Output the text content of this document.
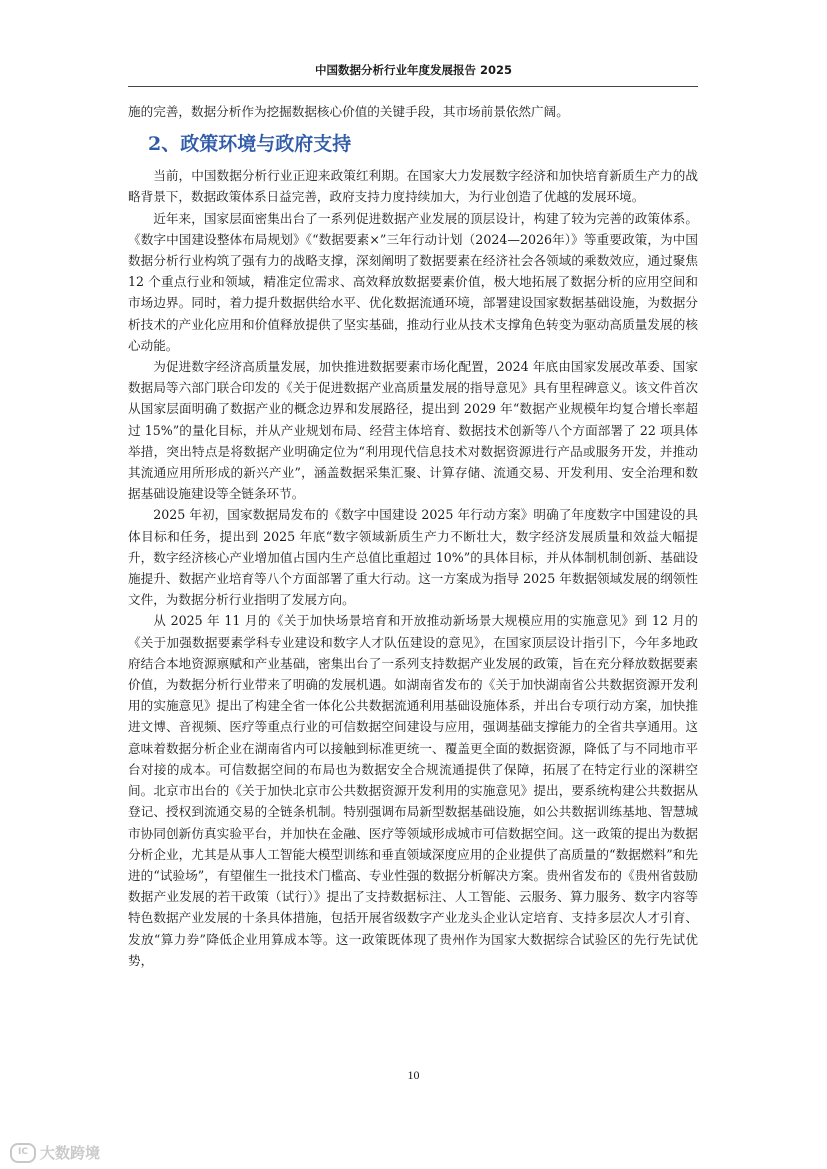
中国数据分析行业年度发展报告 2025

施的完善，数据分析作为挖掘数据核心价值的关键手段，其市场前景依然广阔。

2、政策环境与政府支持

当前，中国数据分析行业正迎来政策红利期。在国家大力发展数字经济和加快培育新质生产力的战略背景下，数据政策体系日益完善，政府支持力度持续加大，为行业创造了优越的发展环境。

近年来，国家层面密集出台了一系列促进数据产业发展的顶层设计，构建了较为完善的政策体系。《数字中国建设整体布局规划》《“数据要素×”三年行动计划（2024—2026年）》等重要政策，为中国数据分析行业构筑了强有力的战略支撑，深刻阐明了数据要素在经济社会各领域的乘数效应，通过聚焦 12 个重点行业和领域，精准定位需求、高效释放数据要素价值，极大地拓展了数据分析的应用空间和市场边界。同时，着力提升数据供给水平、优化数据流通环境，部署建设国家数据基础设施，为数据分析技术的产业化应用和价值释放提供了坚实基础，推动行业从技术支撑角色转变为驱动高质量发展的核心动能。

为促进数字经济高质量发展，加快推进数据要素市场化配置，2024 年底由国家发展改革委、国家数据局等六部门联合印发的《关于促进数据产业高质量发展的指导意见》具有里程碑意义。该文件首次从国家层面明确了数据产业的概念边界和发展路径，提出到 2029 年“数据产业规模年均复合增长率超过 15%”的量化目标，并从产业规划布局、经营主体培育、数据技术创新等八个方面部署了 22 项具体举措，突出特点是将数据产业明确定位为“利用现代信息技术对数据资源进行产品或服务开发，并推动其流通应用所形成的新兴产业”，涵盖数据采集汇聚、计算存储、流通交易、开发利用、安全治理和数据基础设施建设等全链条环节。

2025 年初，国家数据局发布的《数字中国建设 2025 年行动方案》明确了年度数字中国建设的具体目标和任务，提出到 2025 年底“数字领域新质生产力不断壮大，数字经济发展质量和效益大幅提升，数字经济核心产业增加值占国内生产总值比重超过 10%”的具体目标，并从体制机制创新、基础设施提升、数据产业培育等八个方面部署了重大行动。这一方案成为指导 2025 年数据领域发展的纲领性文件，为数据分析行业指明了发展方向。

从 2025 年 11 月的《关于加快场景培育和开放推动新场景大规模应用的实施意见》到 12 月的《关于加强数据要素学科专业建设和数字人才队伍建设的意见》，在国家顶层设计指引下，今年多地政府结合本地资源禀赋和产业基础，密集出台了一系列支持数据产业发展的政策，旨在充分释放数据要素价值，为数据分析行业带来了明确的发展机遇。如湖南省发布的《关于加快湖南省公共数据资源开发利用的实施意见》提出了构建全省一体化公共数据流通利用基础设施体系，并出台专项行动方案，加快推进文博、音视频、医疗等重点行业的可信数据空间建设与应用，强调基础支撑能力的全省共享通用。这意味着数据分析企业在湖南省内可以接触到标准更统一、覆盖更全面的数据资源，降低了与不同地市平台对接的成本。可信数据空间的布局也为数据安全合规流通提供了保障，拓展了在特定行业的深耕空间。北京市出台的《关于加快北京市公共数据资源开发利用的实施意见》提出，要系统构建公共数据从登记、授权到流通交易的全链条机制。特别强调布局新型数据基础设施，如公共数据训练基地、智慧城市协同创新仿真实验平台，并加快在金融、医疗等领域形成城市可信数据空间。这一政策的提出为数据分析企业，尤其是从事人工智能大模型训练和垂直领域深度应用的企业提供了高质量的“数据燃料”和先进的“试验场”，有望催生一批技术门槛高、专业性强的数据分析解决方案。贵州省发布的《贵州省鼓励数据产业发展的若干政策（试行）》提出了支持数据标注、人工智能、云服务、算力服务、数字内容等特色数据产业发展的十条具体措施，包括开展省级数字产业龙头企业认定培育、支持多层次人才引育、发放“算力券”降低企业用算成本等。这一政策既体现了贵州作为国家大数据综合试验区的先行先试优势，

10
IC 大数跨境
